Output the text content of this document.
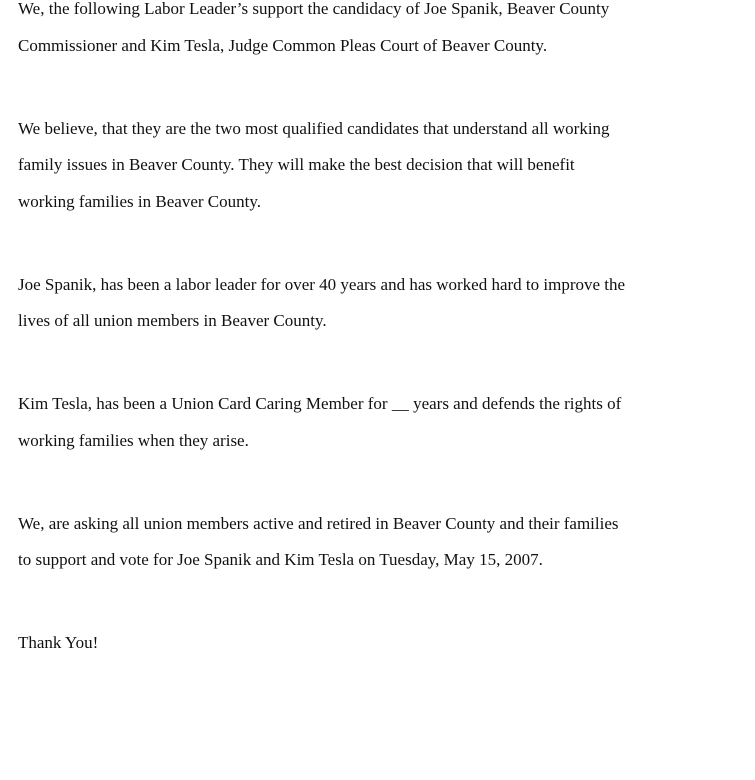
We, the following Labor Leader’s support the candidacy of Joe Spanik, Beaver County
Commissioner and Kim Tesla, Judge Common Pleas Court of Beaver County.
We believe, that they are the two most qualified candidates that understand all working
family issues in Beaver County. They will make the best decision that will benefit
working families in Beaver County.
Joe Spanik, has been a labor leader for over 40 years and has worked hard to improve the
lives of all union members in Beaver County.
Kim Tesla, has been a Union Card Caring Member for __ years and defends the rights of
working families when they arise.
We, are asking all union members active and retired in Beaver County and their families
to support and vote for Joe Spanik and Kim Tesla on Tuesday, May 15, 2007.
Thank You!
